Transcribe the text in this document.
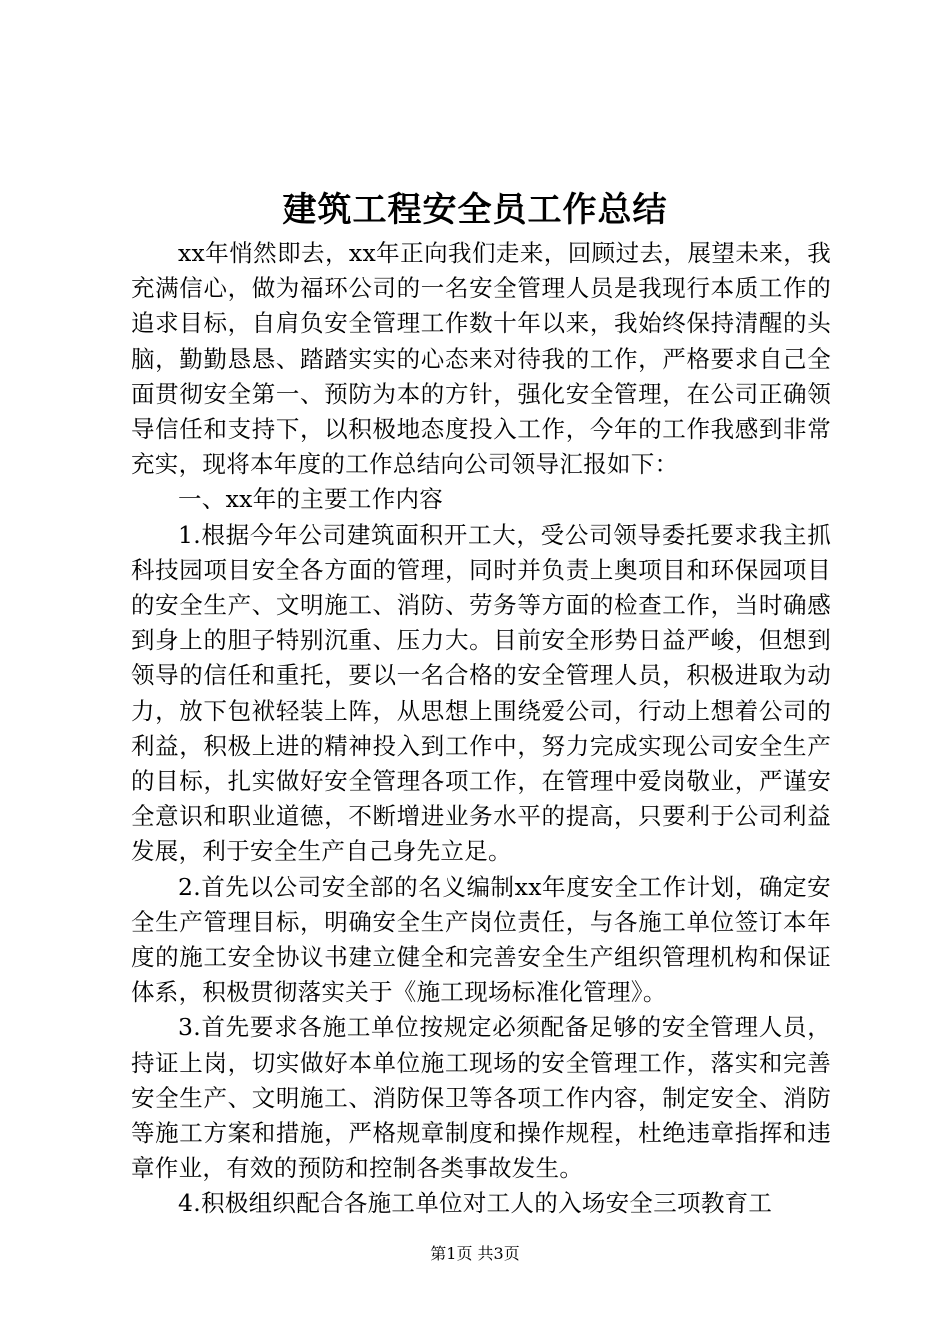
建筑工程安全员工作总结

xx年悄然即去，xx年正向我们走来，回顾过去，展望未来，我充满信心，做为福环公司的一名安全管理人员是我现行本质工作的追求目标，自肩负安全管理工作数十年以来，我始终保持清醒的头脑，勤勤恳恳、踏踏实实的心态来对待我的工作，严格要求自己全面贯彻安全第一、预防为本的方针，强化安全管理，在公司正确领导信任和支持下，以积极地态度投入工作，今年的工作我感到非常充实，现将本年度的工作总结向公司领导汇报如下：

一、xx年的主要工作内容

1.根据今年公司建筑面积开工大，受公司领导委托要求我主抓科技园项目安全各方面的管理，同时并负责上奥项目和环保园项目的安全生产、文明施工、消防、劳务等方面的检查工作，当时确感到身上的胆子特别沉重、压力大。目前安全形势日益严峻，但想到领导的信任和重托，要以一名合格的安全管理人员，积极进取为动力，放下包袱轻装上阵，从思想上围绕爱公司，行动上想着公司的利益，积极上进的精神投入到工作中，努力完成实现公司安全生产的目标，扎实做好安全管理各项工作，在管理中爱岗敬业，严谨安全意识和职业道德，不断增进业务水平的提高，只要利于公司利益发展，利于安全生产自己身先立足。

2.首先以公司安全部的名义编制xx年度安全工作计划，确定安全生产管理目标，明确安全生产岗位责任，与各施工单位签订本年度的施工安全协议书建立健全和完善安全生产组织管理机构和保证体系，积极贯彻落实关于《施工现场标准化管理》。

3.首先要求各施工单位按规定必须配备足够的安全管理人员，持证上岗，切实做好本单位施工现场的安全管理工作，落实和完善安全生产、文明施工、消防保卫等各项工作内容，制定安全、消防等施工方案和措施，严格规章制度和操作规程，杜绝违章指挥和违章作业，有效的预防和控制各类事故发生。

4.积极组织配合各施工单位对工人的入场安全三项教育工

第1页 共3页
